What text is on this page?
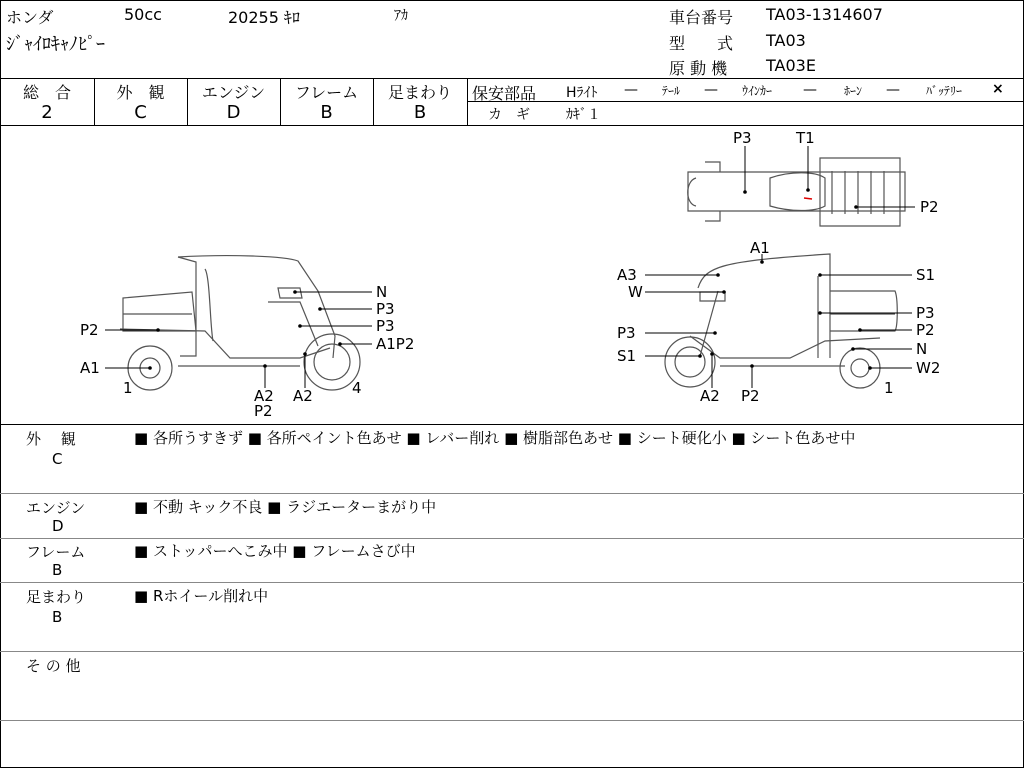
ホンダ	50cc	20255 ｷﾛ	ｱｶ
ｼﾞｬｲﾛｷｬﾉﾋﾟｰ
車台番号 TA03-1314607
型　　式 TA03
原 動 機 TA03E
総　合
2
外　観
C
エンジン
D
フレーム
B
足まわり
B
保安部品 Hﾗｲﾄ — ﾃｰﾙ — ｳｲﾝｶｰ — ﾎｰﾝ — ﾊﾞｯﾃﾘｰ ×
カ　ギ	ｶｷﾞ１
N
P3
P3
A1P2
P2
A1
1	A2
P2
A2	4
P3	T1
P2
A1
A3
W
S1
P3
P2
P3
S1	N
W2
A2 P2	1
外　 観
C
■ 各所うすきず ■ 各所ペイント色あせ ■ レバー削れ ■ 樹脂部色あせ ■ シート硬化小 ■ シート色あせ中
エンジン
D
■ 不動 キック不良 ■ ラジエーターまがり中
フレーム
B
■ ストッパーへこみ中 ■ フレームさび中
足まわり
B
■ Rホイール削れ中
そ の 他
